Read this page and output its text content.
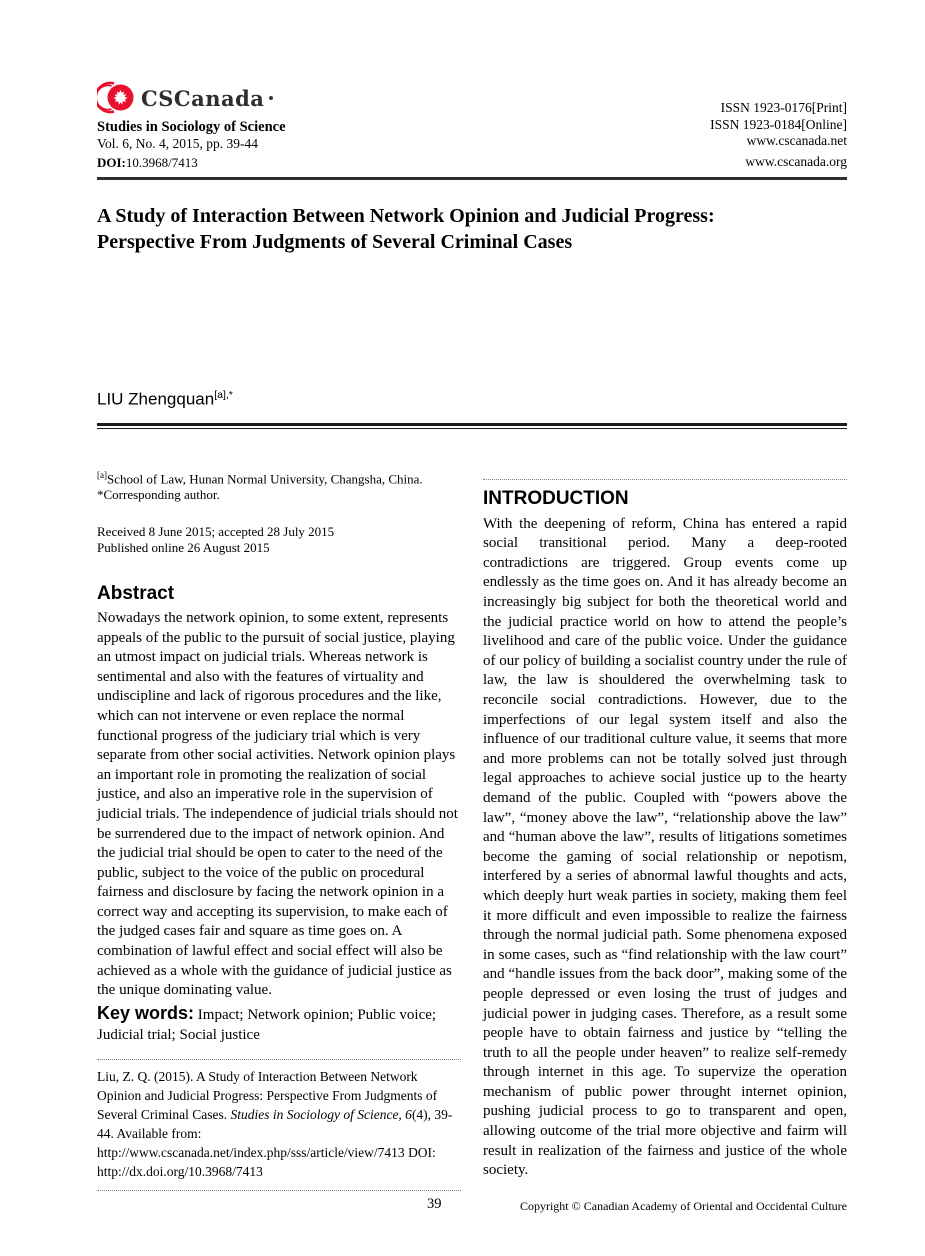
CSCanada
Studies in Sociology of Science
Vol. 6, No. 4, 2015, pp. 39-44
DOI:10.3968/7413
ISSN 1923-0176[Print]
ISSN 1923-0184[Online]
www.cscanada.net
www.cscanada.org
A Study of Interaction Between Network Opinion and Judicial Progress: Perspective From Judgments of Several Criminal Cases
LIU Zhengquan$^{[a],*}$
[a]School of Law, Hunan Normal University, Changsha, China.
*Corresponding author.
Received 8 June 2015; accepted 28 July 2015
Published online 26 August 2015
Abstract

Nowadays the network opinion, to some extent, represents appeals of the public to the pursuit of social justice, playing an utmost impact on judicial trials. Whereas network is sentimental and also with the features of virtuality and undiscipline and lack of rigorous procedures and the like, which can not intervene or even replace the normal functional progress of the judiciary trial which is very separate from other social activities. Network opinion plays an important role in promoting the realization of social justice, and also an imperative role in the supervision of judicial trials. The independence of judicial trials should not be surrendered due to the impact of network opinion. And the judicial trial should be open to cater to the need of the public, subject to the voice of the public on procedural fairness and disclosure by facing the network opinion in a correct way and accepting its supervision, to make each of the judged cases fair and square as time goes on. A combination of lawful effect and social effect will also be achieved as a whole with the guidance of judicial justice as the unique dominating value.

Key words: Impact; Network opinion; Public voice; Judicial trial; Social justice

Liu, Z. Q. (2015). A Study of Interaction Between Network Opinion and Judicial Progress: Perspective From Judgments of Several Criminal Cases. Studies in Sociology of Science, 6(4), 39-44. Available from: http://www.cscanada.net/index.php/sss/article/view/7413 DOI: http://dx.doi.org/10.3968/7413
INTRODUCTION

With the deepening of reform, China has entered a rapid social transitional period. Many a deep-rooted contradictions are triggered. Group events come up endlessly as the time goes on. And it has already become an increasingly big subject for both the theoretical world and the judicial practice world on how to attend the people’s livelihood and care of the public voice. Under the guidance of our policy of building a socialist country under the rule of law, the law is shouldered the overwhelming task to reconcile social contradictions. However, due to the imperfections of our legal system itself and also the influence of our traditional culture value, it seems that more and more problems can not be totally solved just through legal approaches to achieve social justice up to the hearty demand of the public. Coupled with “powers above the law”, “money above the law”, “relationship above the law” and “human above the law”, results of litigations sometimes become the gaming of social relationship or nepotism, interfered by a series of abnormal lawful thoughts and acts, which deeply hurt weak parties in society, making them feel it more difficult and even impossible to realize the fairness through the normal judicial path. Some phenomena exposed in some cases, such as “find relationship with the law court” and “handle issues from the back door”, making some of the people depressed or even losing the trust of judges and judicial power in judging cases. Therefore, as a result some people have to obtain fairness and justice by “telling the truth to all the people under heaven” to realize self-remedy through internet in this age. To supervize the operation mechanism of public power throught internet opinion, pushing judicial process to go to transparent and open, allowing outcome of the trial more objective and fairm will result in realization of the fairness and justice of the whole society.

39	Copyright © Canadian Academy of Oriental and Occidental Culture
